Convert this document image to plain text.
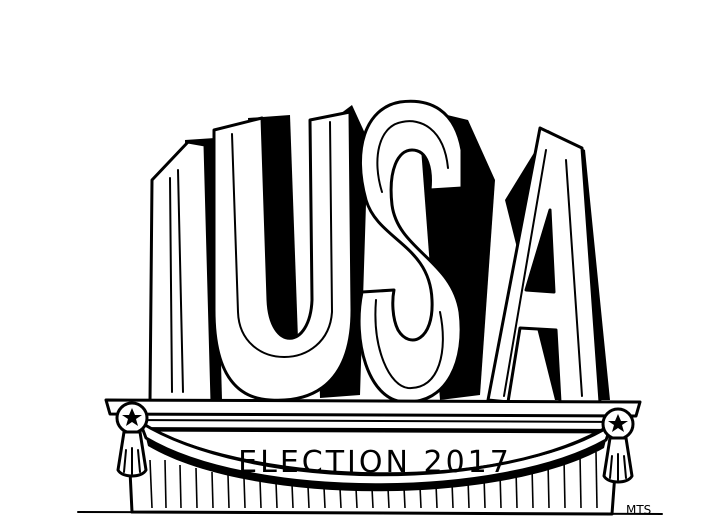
ELECTION 2017
MTS
